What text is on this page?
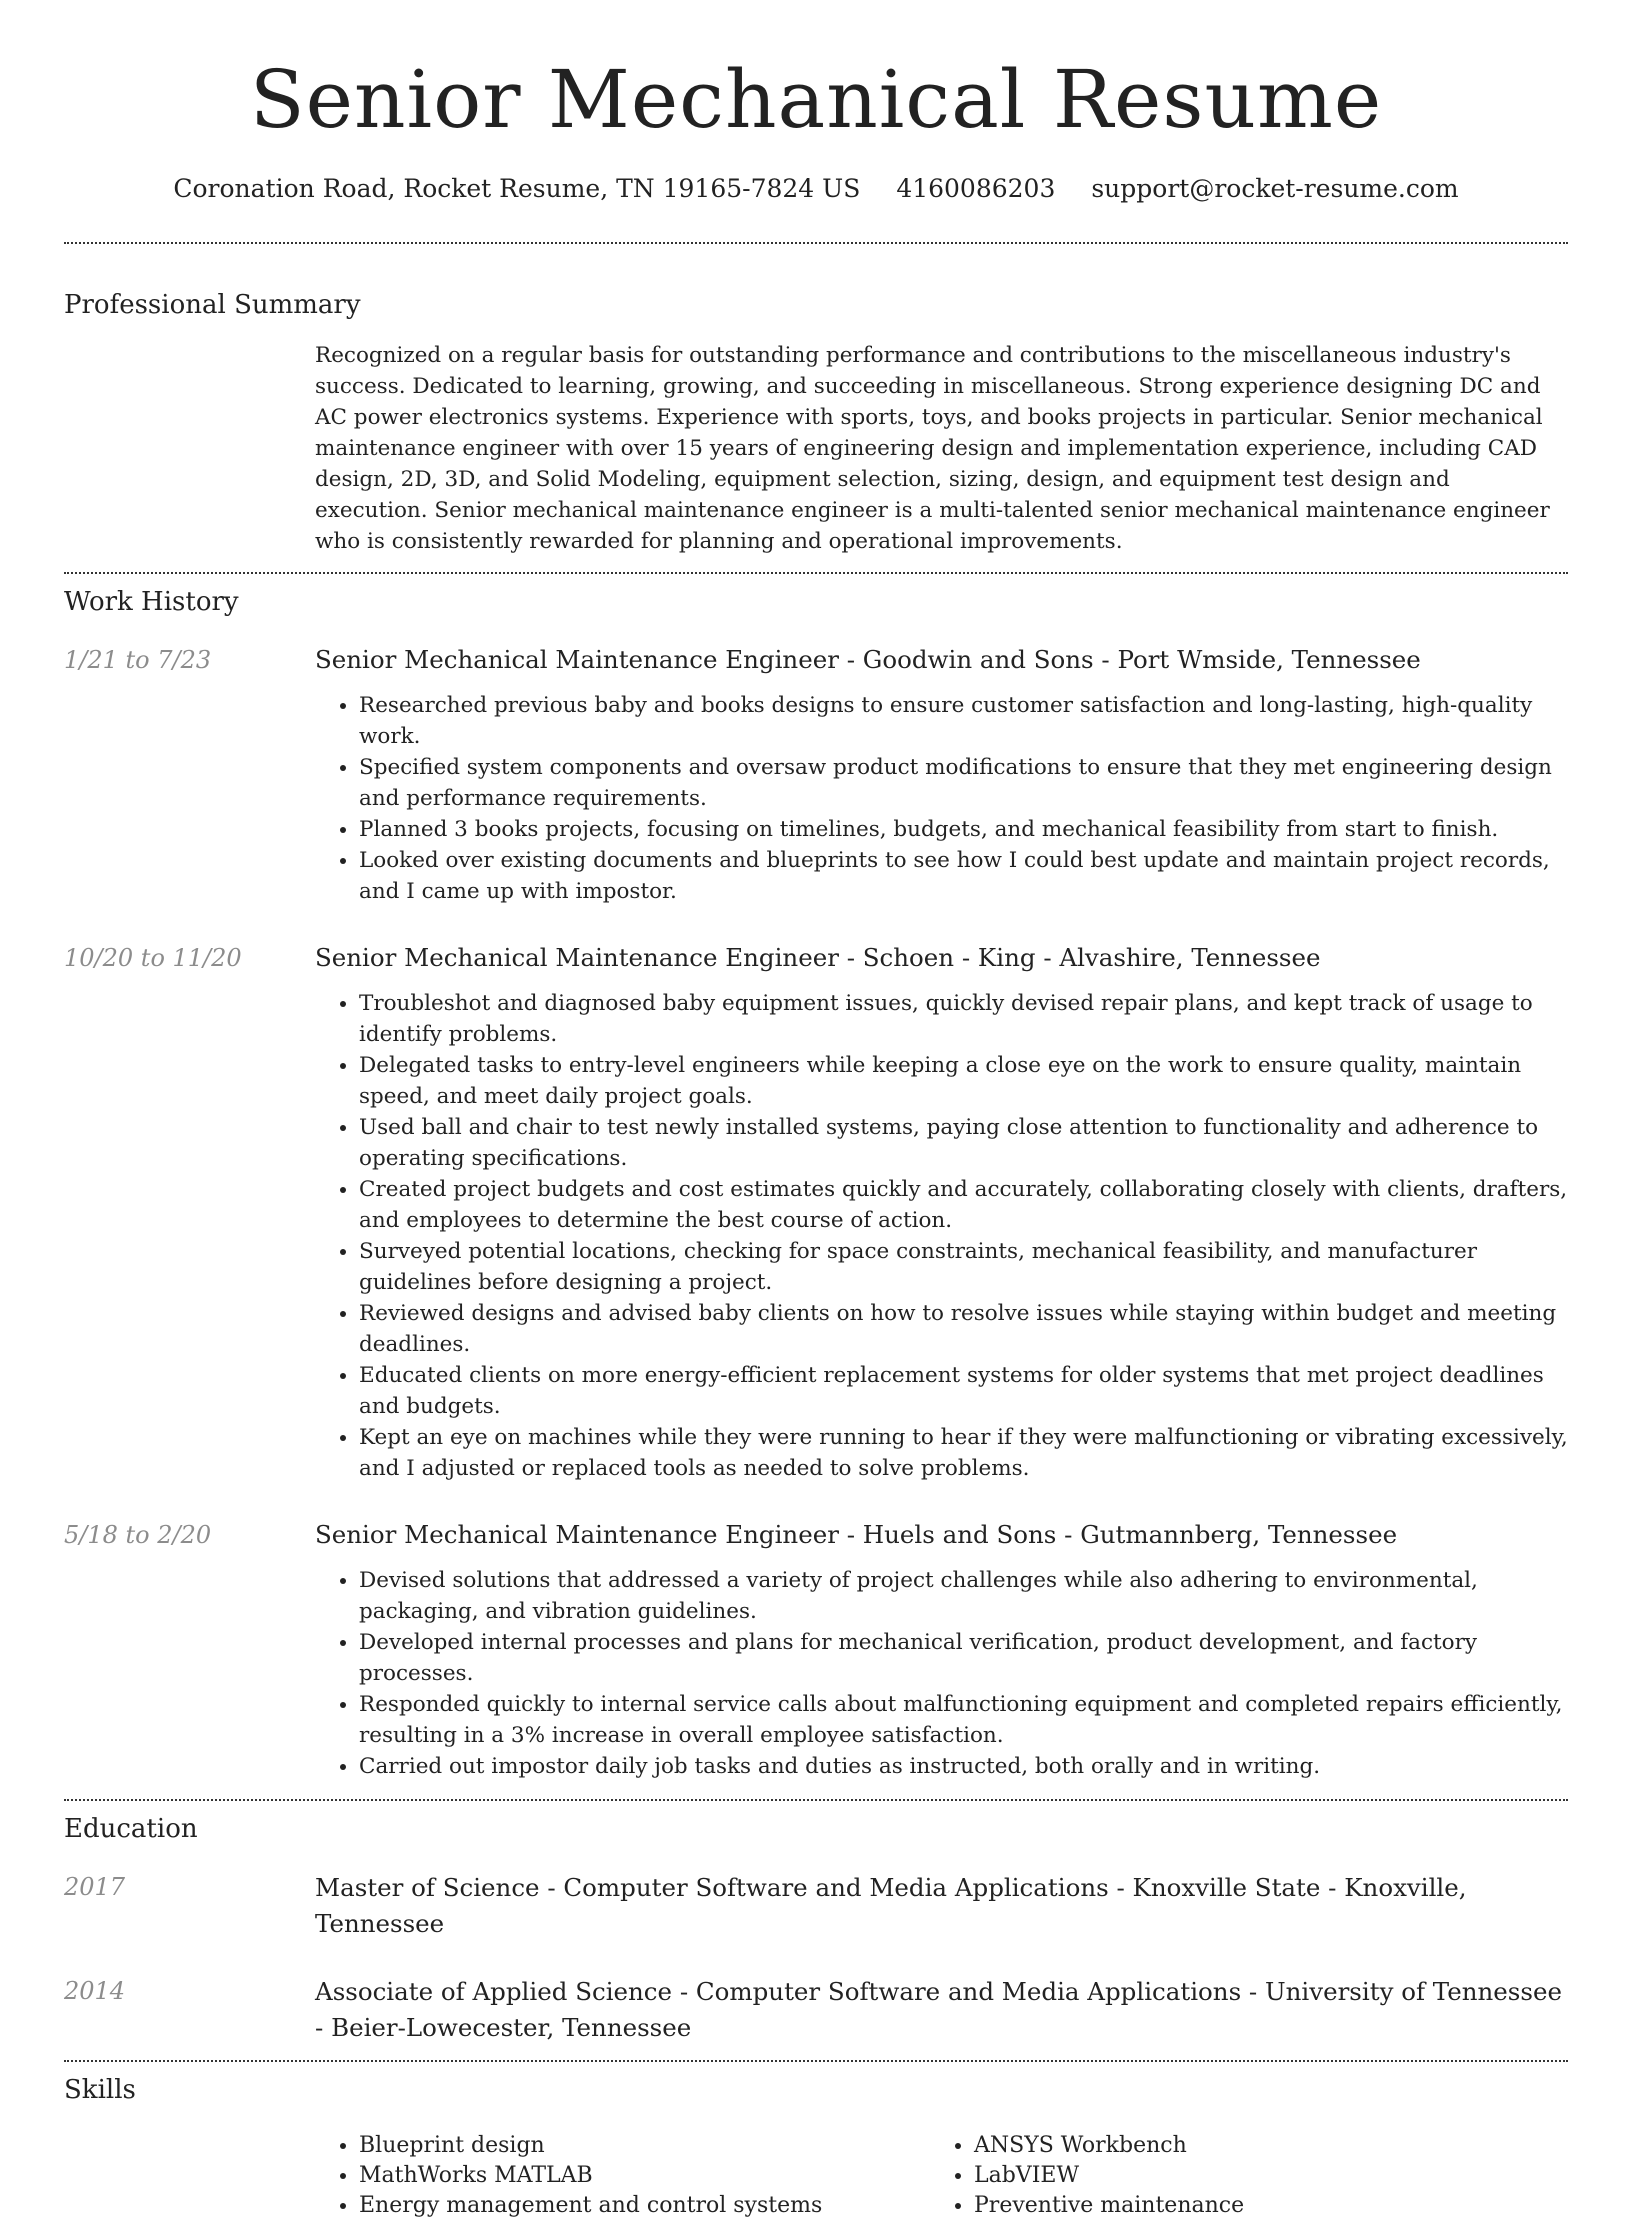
Senior Mechanical Resume
Coronation Road, Rocket Resume, TN 19165-7824 US 4160086203 support@rocket-resume.com
Professional Summary

Recognized on a regular basis for outstanding performance and contributions to the miscellaneous industry's success. Dedicated to learning, growing, and succeeding in miscellaneous. Strong experience designing DC and AC power electronics systems. Experience with sports, toys, and books projects in particular. Senior mechanical maintenance engineer with over 15 years of engineering design and implementation experience, including CAD design, 2D, 3D, and Solid Modeling, equipment selection, sizing, design, and equipment test design and execution. Senior mechanical maintenance engineer is a multi-talented senior mechanical maintenance engineer who is consistently rewarded for planning and operational improvements.

Work History
1/21 to 7/23	Senior Mechanical Maintenance Engineer - Goodwin and Sons - Port Wmside, Tennessee

• Researched previous baby and books designs to ensure customer satisfaction and long-lasting, high-quality work.
• Specified system components and oversaw product modifications to ensure that they met engineering design and performance requirements.
• Planned 3 books projects, focusing on timelines, budgets, and mechanical feasibility from start to finish.
• Looked over existing documents and blueprints to see how I could best update and maintain project records, and I came up with impostor.
10/20 to 11/20	Senior Mechanical Maintenance Engineer - Schoen - King - Alvashire, Tennessee

• Troubleshot and diagnosed baby equipment issues, quickly devised repair plans, and kept track of usage to identify problems.
• Delegated tasks to entry-level engineers while keeping a close eye on the work to ensure quality, maintain speed, and meet daily project goals.
• Used ball and chair to test newly installed systems, paying close attention to functionality and adherence to operating specifications.
• Created project budgets and cost estimates quickly and accurately, collaborating closely with clients, drafters, and employees to determine the best course of action.
• Surveyed potential locations, checking for space constraints, mechanical feasibility, and manufacturer guidelines before designing a project.
• Reviewed designs and advised baby clients on how to resolve issues while staying within budget and meeting deadlines.
• Educated clients on more energy-efficient replacement systems for older systems that met project deadlines and budgets.
• Kept an eye on machines while they were running to hear if they were malfunctioning or vibrating excessively, and I adjusted or replaced tools as needed to solve problems.
5/18 to 2/20	Senior Mechanical Maintenance Engineer - Huels and Sons - Gutmannberg, Tennessee

• Devised solutions that addressed a variety of project challenges while also adhering to environmental, packaging, and vibration guidelines.
• Developed internal processes and plans for mechanical verification, product development, and factory processes.
• Responded quickly to internal service calls about malfunctioning equipment and completed repairs efficiently, resulting in a 3% increase in overall employee satisfaction.
• Carried out impostor daily job tasks and duties as instructed, both orally and in writing.
Education
2017	Master of Science - Computer Software and Media Applications - Knoxville State - Knoxville, Tennessee

2014	Associate of Applied Science - Computer Software and Media Applications - University of Tennessee - Beier-Lowecester, Tennessee

Skills
• Blueprint design
• MathWorks MATLAB
• Energy management and control systems
• ANSYS Workbench
• LabVIEW
• Preventive maintenance
